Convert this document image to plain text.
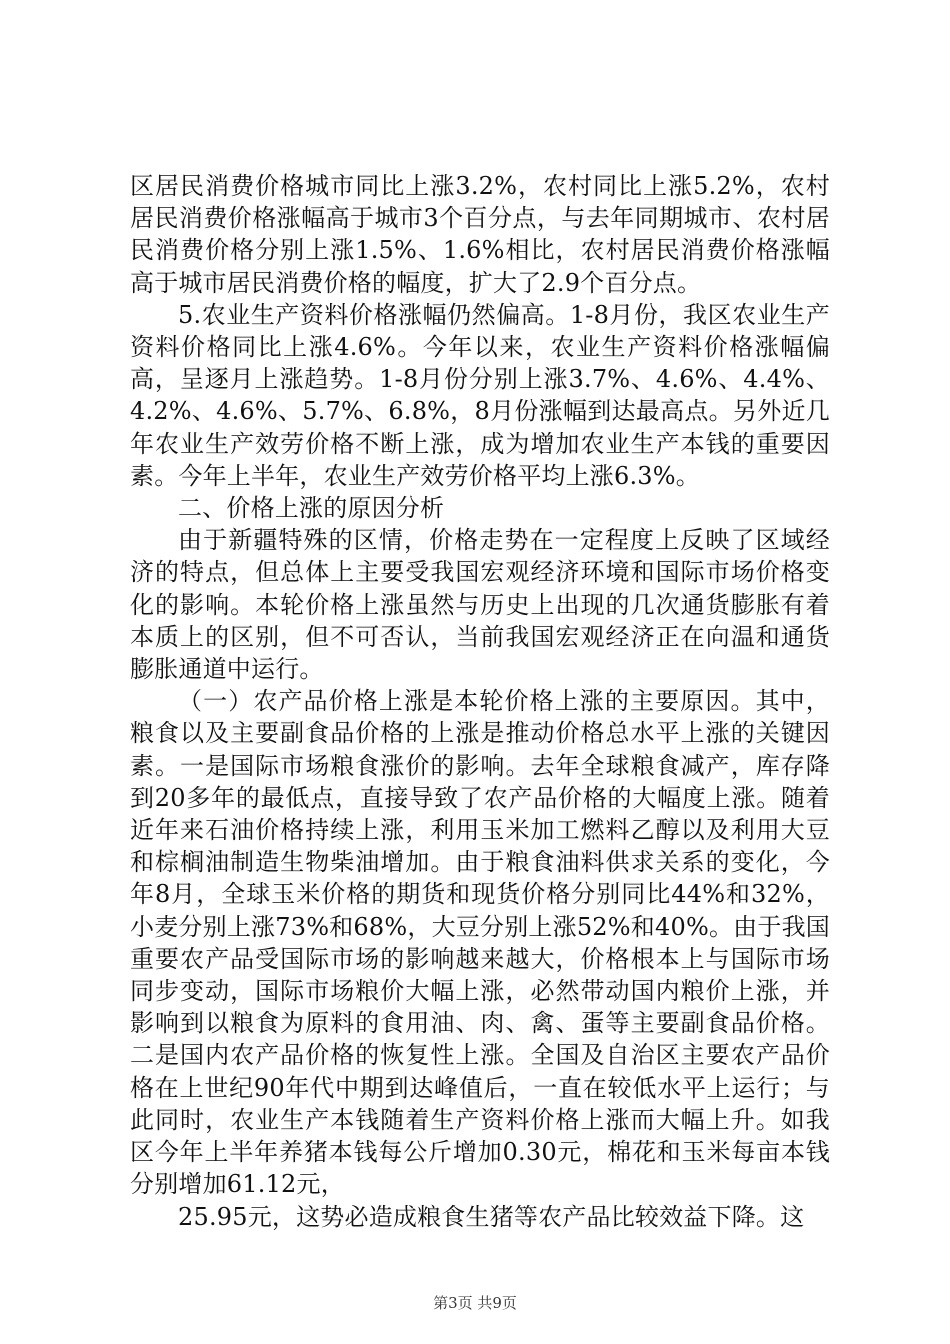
区居民消费价格城市同比上涨3.2%，农村同比上涨5.2%，农村居民消费价格涨幅高于城市3个百分点，与去年同期城市、农村居民消费价格分别上涨1.5%、1.6%相比，农村居民消费价格涨幅高于城市居民消费价格的幅度，扩大了2.9个百分点。

5.农业生产资料价格涨幅仍然偏高。1-8月份，我区农业生产资料价格同比上涨4.6%。今年以来，农业生产资料价格涨幅偏高，呈逐月上涨趋势。1-8月份分别上涨3.7%、4.6%、4.4%、4.2%、4.6%、5.7%、6.8%，8月份涨幅到达最高点。另外近几年农业生产效劳价格不断上涨，成为增加农业生产本钱的重要因素。今年上半年，农业生产效劳价格平均上涨6.3%。

二、价格上涨的原因分析

由于新疆特殊的区情，价格走势在一定程度上反映了区域经济的特点，但总体上主要受我国宏观经济环境和国际市场价格变化的影响。本轮价格上涨虽然与历史上出现的几次通货膨胀有着本质上的区别，但不可否认，当前我国宏观经济正在向温和通货膨胀通道中运行。

（一）农产品价格上涨是本轮价格上涨的主要原因。其中，粮食以及主要副食品价格的上涨是推动价格总水平上涨的关键因素。一是国际市场粮食涨价的影响。去年全球粮食减产，库存降到20多年的最低点，直接导致了农产品价格的大幅度上涨。随着近年来石油价格持续上涨，利用玉米加工燃料乙醇以及利用大豆和棕榈油制造生物柴油增加。由于粮食油料供求关系的变化，今年8月，全球玉米价格的期货和现货价格分别同比44%和32%，小麦分别上涨73%和68%，大豆分别上涨52%和40%。由于我国重要农产品受国际市场的影响越来越大，价格根本上与国际市场同步变动，国际市场粮价大幅上涨，必然带动国内粮价上涨，并影响到以粮食为原料的食用油、肉、禽、蛋等主要副食品价格。二是国内农产品价格的恢复性上涨。全国及自治区主要农产品价格在上世纪90年代中期到达峰值后，一直在较低水平上运行；与此同时，农业生产本钱随着生产资料价格上涨而大幅上升。如我区今年上半年养猪本钱每公斤增加0.30元，棉花和玉米每亩本钱分别增加61.12元，

25.95元，这势必造成粮食生猪等农产品比较效益下降。这

第3页 共9页
